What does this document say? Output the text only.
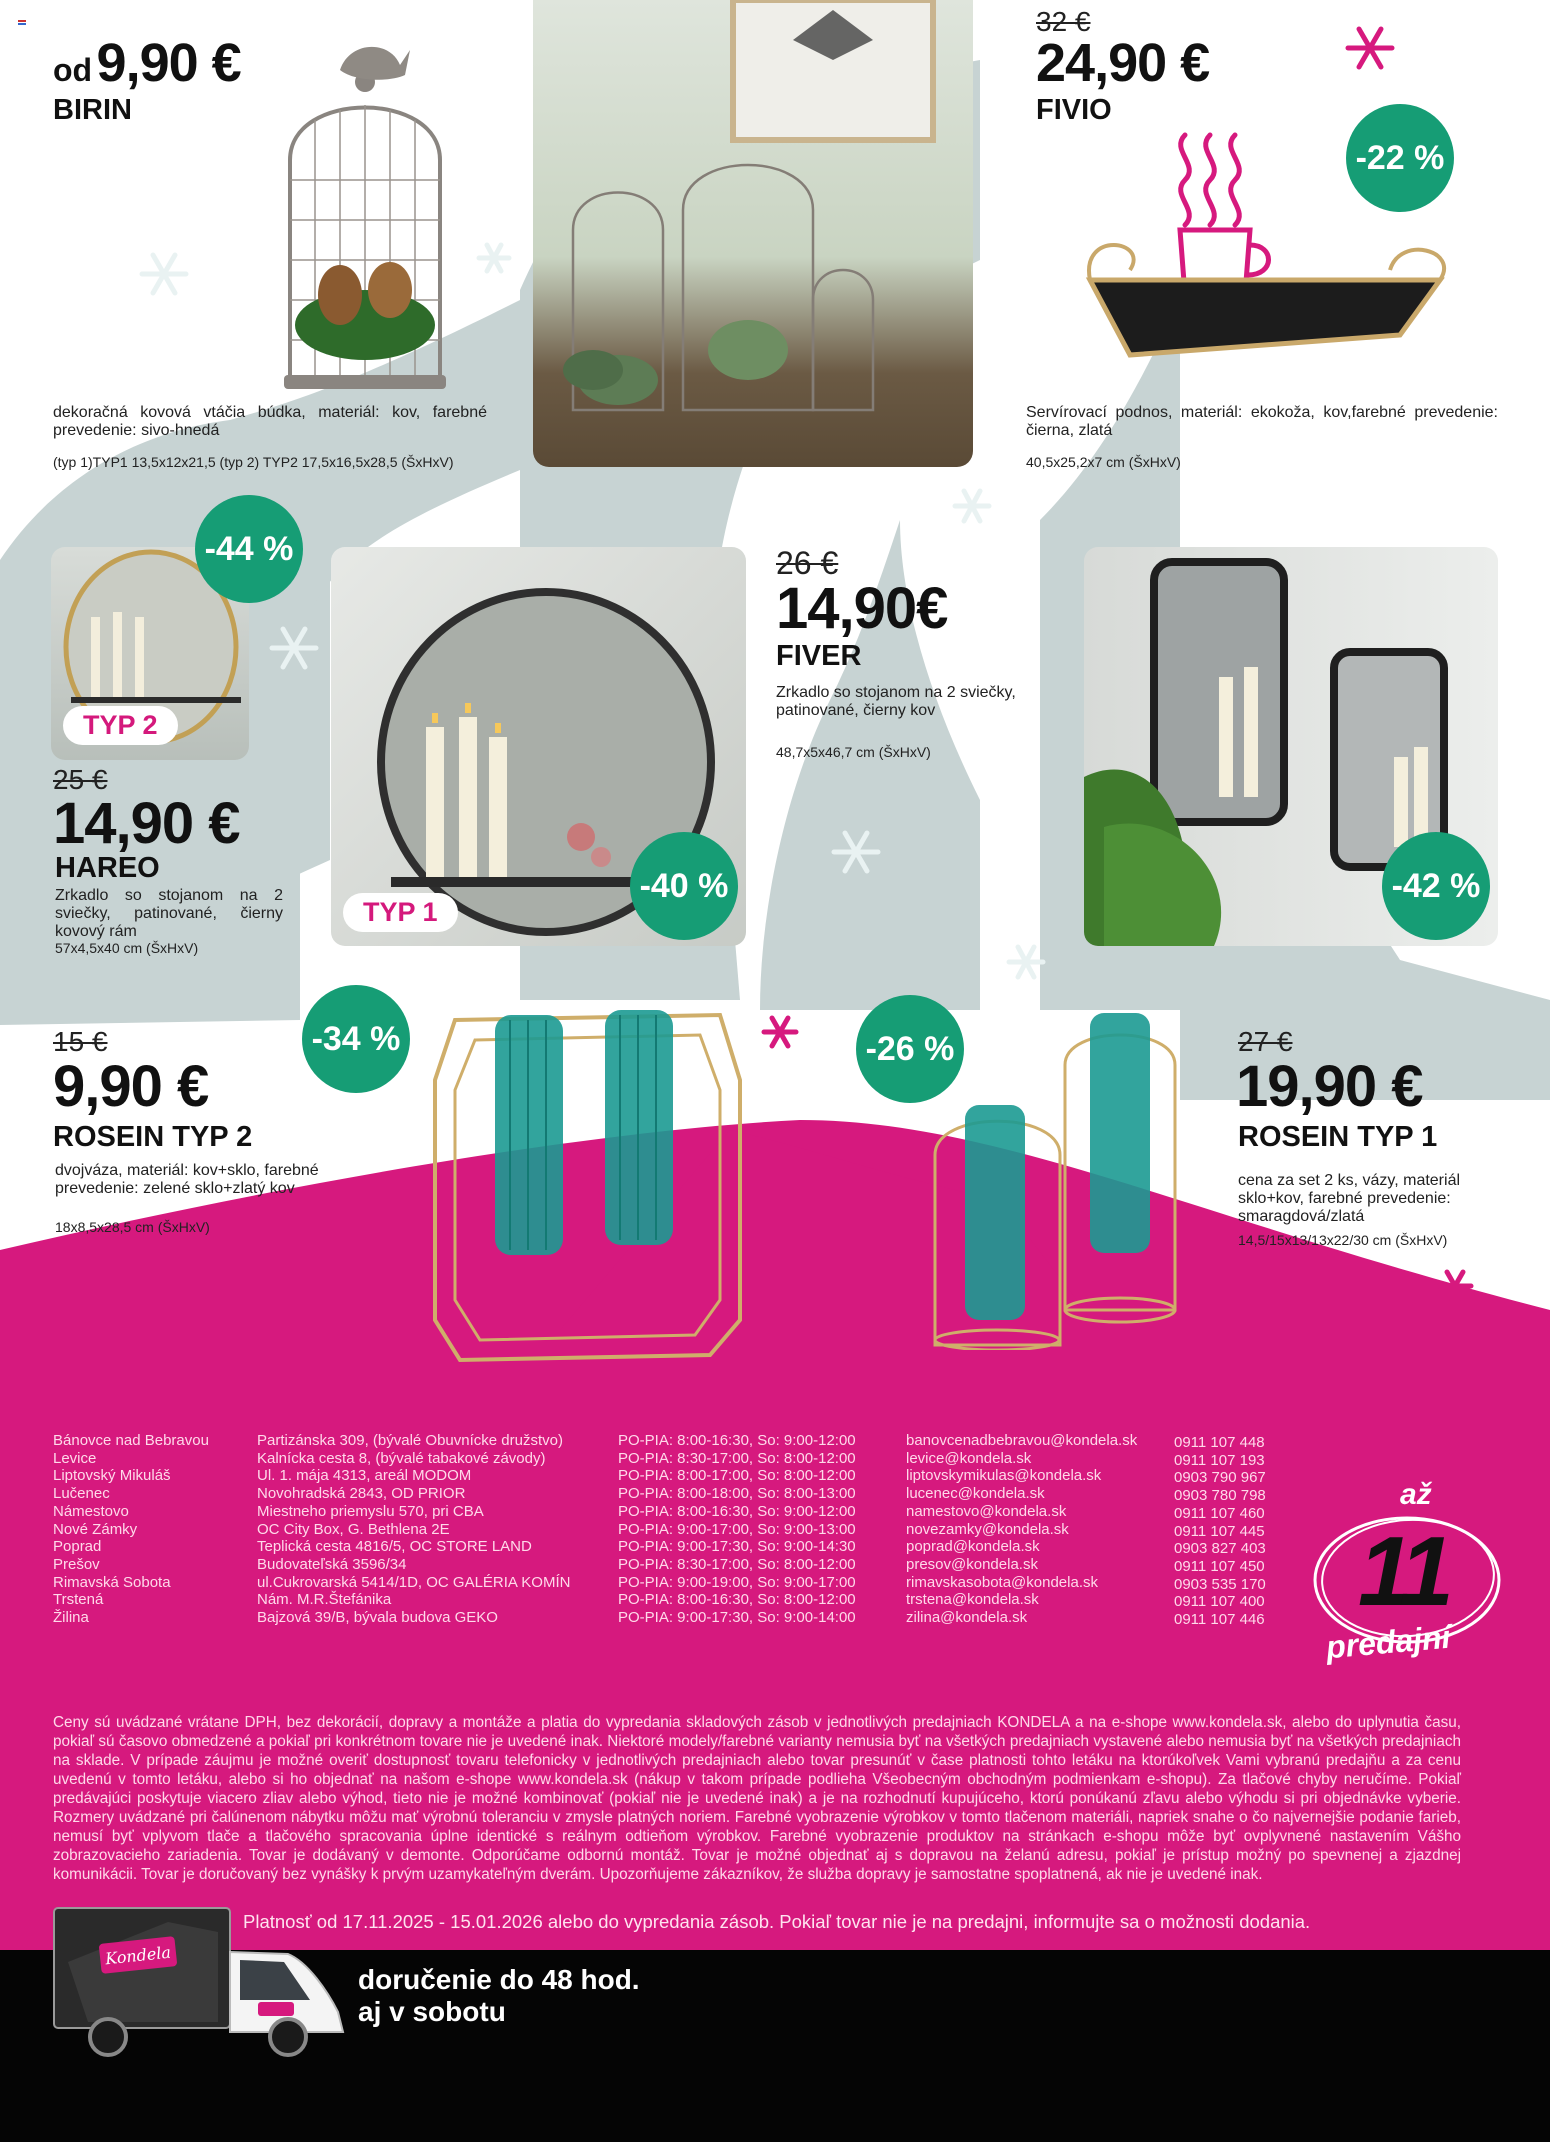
od 9,90 €
BIRIN
dekoračná kovová vtáčia búdka, materiál: kov, farebné prevedenie: sivo-hnedá
(typ 1)TYP1 13,5x12x21,5 (typ 2) TYP2 17,5x16,5x28,5 (ŠxHxV)
32 €
24,90 €
FIVIO
-22 %
Servírovací podnos, materiál: ekokoža, kov,farebné prevedenie: čierna, zlatá
40,5x25,2x7 cm (ŠxHxV)
TYP 2
-44 %
25 €
14,90 €
HAREO
Zrkadlo so stojanom na 2 sviečky, patinované, čierny kovový rám
57x4,5x40 cm (ŠxHxV)
TYP 1
-40 %
26 €
14,90€
FIVER
Zrkadlo so stojanom na 2 sviečky, patinované, čierny kov
48,7x5x46,7 cm (ŠxHxV)
-42 %
-34 %
15 €
9,90 €
ROSEIN TYP 2
dvojváza, materiál: kov+sklo, farebné prevedenie: zelené sklo+zlatý kov
18x8,5x28,5 cm (ŠxHxV)
-26 %	27 €
19,90 €
ROSEIN TYP 1
cena za set 2 ks, vázy, materiál sklo+kov, farebné prevedenie: smaragdová/zlatá
14,5/15x13/13x22/30 cm (ŠxHxV)
Bánovce nad Bebravou
Levice
Liptovský Mikuláš
Lučenec
Námestovo
Nové Zámky
Poprad
Prešov
Rimavská Sobota
Trstená
Žilina
Partizánska 309, (bývalé Obuvnícke družstvo)
Kalnícka cesta 8, (bývalé tabakové závody)
Ul. 1. mája 4313, areál MODOM
Novohradská 2843, OD PRIOR
Miestneho priemyslu 570, pri CBA
OC City Box, G. Bethlena 2E
Teplická cesta 4816/5, OC STORE LAND
Budovateľská 3596/34
ul.Cukrovarská 5414/1D, OC GALÉRIA KOMÍN
Nám. M.R.Štefánika
Bajzová 39/B, bývala budova GEKO
PO-PIA: 8:00-16:30, So: 9:00-12:00
PO-PIA: 8:30-17:00, So: 8:00-12:00
PO-PIA: 8:00-17:00, So: 8:00-12:00
PO-PIA: 8:00-18:00, So: 8:00-13:00
PO-PIA: 8:00-16:30, So: 9:00-12:00
PO-PIA: 9:00-17:00, So: 9:00-13:00
PO-PIA: 9:00-17:30, So: 9:00-14:30
PO-PIA: 8:30-17:00, So: 8:00-12:00
PO-PIA: 9:00-19:00, So: 9:00-17:00
PO-PIA: 8:00-16:30, So: 8:00-12:00
PO-PIA: 9:00-17:30, So: 9:00-14:00
banovcenadbebravou@kondela.sk
levice@kondela.sk
liptovskymikulas@kondela.sk
lucenec@kondela.sk
namestovo@kondela.sk
novezamky@kondela.sk
poprad@kondela.sk
presov@kondela.sk
rimavskasobota@kondela.sk
trstena@kondela.sk
zilina@kondela.sk
0911 107 448
0911 107 193
0903 790 967
0903 780 798
0911 107 460
0911 107 445
0903 827 403
0911 107 450
0903 535 170
0911 107 400
0911 107 446
až
11
predajní
Ceny sú uvádzané vrátane DPH, bez dekorácií, dopravy a montáže a platia do vypredania skladových zásob v jednotlivých predajniach KONDELA a na e-shope www.kondela.sk, alebo do uplynutia času, pokiaľ sú časovo obmedzené a pokiaľ pri konkrétnom tovare nie je uvedené inak. Niektoré modely/farebné varianty nemusia byť na všetkých predajniach vystavené alebo nemusia byť na všetkých predajniach na sklade. V prípade záujmu je možné overiť dostupnosť tovaru telefonicky v jednotlivých predajniach alebo tovar presunúť v čase platnosti tohto letáku na ktorúkoľvek Vami vybranú predajňu a za cenu uvedenú v tomto letáku, alebo si ho objednať na našom e-shope www.kondela.sk (nákup v takom prípade podlieha Všeobecným obchodným podmienkam e-shopu). Za tlačové chyby neručíme. Pokiaľ predávajúci poskytuje viacero zliav alebo výhod, tieto nie je možné kombinovať (pokiaľ nie je uvedené inak) a je na rozhodnutí kupujúceho, ktorú ponúkanú zľavu alebo výhodu si pri objednávke vyberie. Rozmery uvádzané pri čalúnenom nábytku môžu mať výrobnú toleranciu v zmysle platných noriem. Farebné vyobrazenie výrobkov v tomto tlačenom materiáli, napriek snahe o čo najvernejšie podanie farieb, nemusí byť vplyvom tlače a tlačového spracovania úplne identické s reálnym odtieňom výrobkov. Farebné vyobrazenie produktov na stránkach e-shopu môže byť ovplyvnené nastavením Vášho zobrazovacieho zariadenia. Tovar je dodávaný v demonte. Odporúčame odbornú montáž. Tovar je možné objednať aj s dopravou na želanú adresu, pokiaľ je prístup možný po spevnenej a zjazdnej komunikácii. Tovar je doručovaný bez vynášky k prvým uzamykateľným dverám. Upozorňujeme zákazníkov, že služba dopravy je samostatne spoplatnená, ak nie je uvedené inak.
Platnosť od 17.11.2025 - 15.01.2026 alebo do vypredania zásob. Pokiaľ tovar nie je na predajni, informujte sa o možnosti dodania.
Kondela
doručenie do 48 hod.
aj v sobotu
